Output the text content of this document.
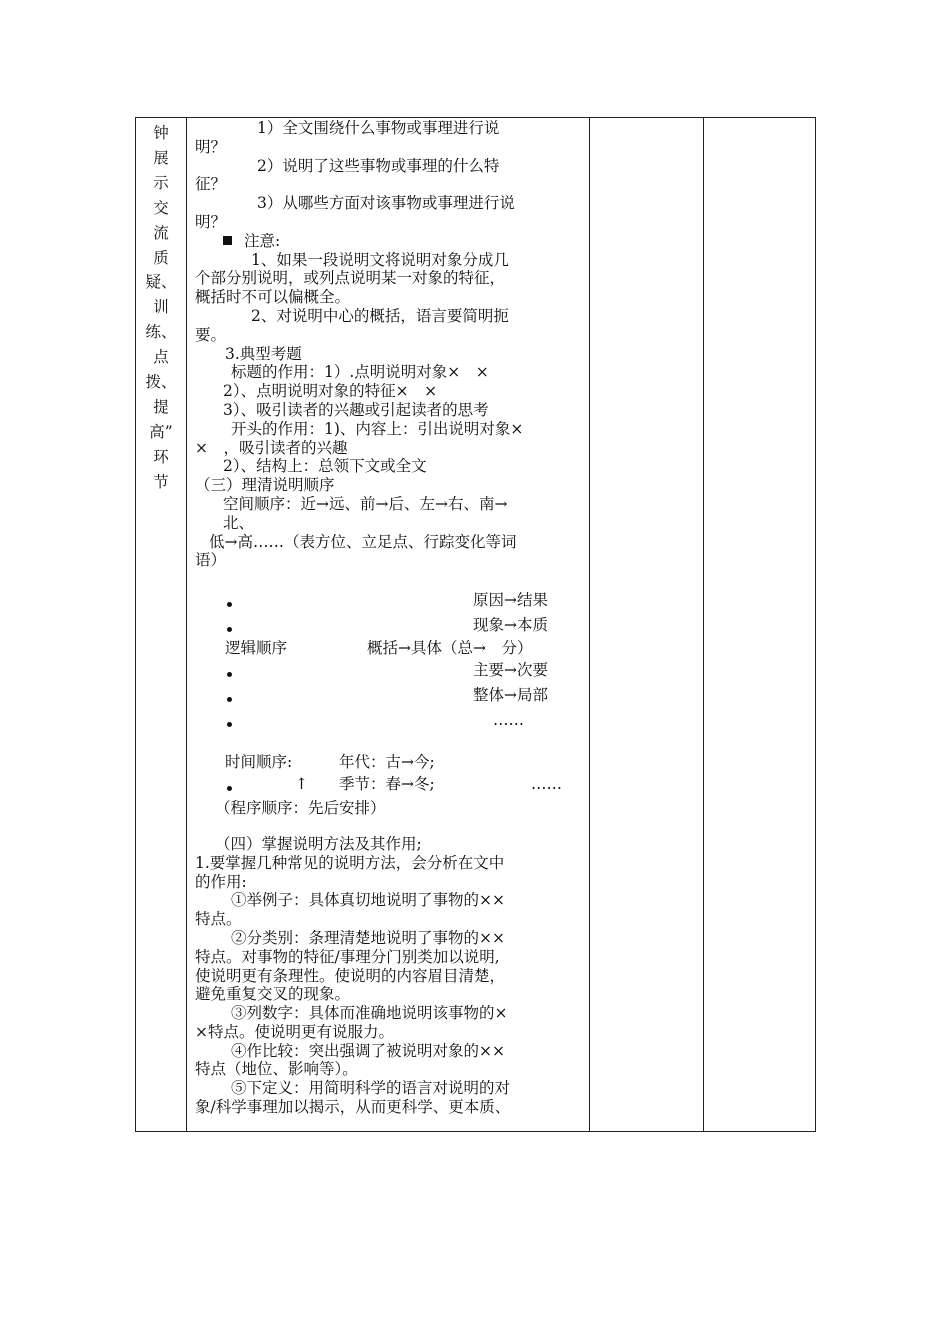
钟
展
示
交
流
质
疑、
训
练、
点
拨、
提
高”
环
节

1）全文围绕什么事物或事理进行说

明？

2）说明了这些事物或事理的什么特

征？

3）从哪些方面对该事物或事理进行说

明？

注意:

1、如果一段说明文将说明对象分成几

个部分别说明，或列点说明某一对象的特征，

概括时不可以偏概全。

2、对说明中心的概括，语言要简明扼

要。

3.典型考题

标题的作用：1）.点明说明对象×　×

2）、点明说明对象的特征×　×

3）、吸引读者的兴趣或引起读者的思考

开头的作用：1)、内容上：引出说明对象×

×　，吸引读者的兴趣

2）、结构上：总领下文或全文

（三）理清说明顺序

空间顺序：近→远、前→后、左→右、南→

北、

低→高……（表方位、立足点、行踪变化等词

语）

原因→结果
现象→本质
逻辑顺序	概括→具体（总→　分）
主要→次要
整体→局部
……
时间顺序:	年代：古→今;
↑ 季节：春→冬;	……

（程序顺序：先后安排）

（四）掌握说明方法及其作用;

1.要掌握几种常见的说明方法，会分析在文中

的作用:

①举例子：具体真切地说明了事物的××

特点。

②分类别：条理清楚地说明了事物的××

特点。对事物的特征/事理分门别类加以说明,

使说明更有条理性。使说明的内容眉目清楚，

避免重复交叉的现象。

③列数字：具体而准确地说明该事物的×

×特点。使说明更有说服力。

④作比较：突出强调了被说明对象的××

特点（地位、影响等）。

⑤下定义：用简明科学的语言对说明的对

象/科学事理加以揭示，从而更科学、更本质、
